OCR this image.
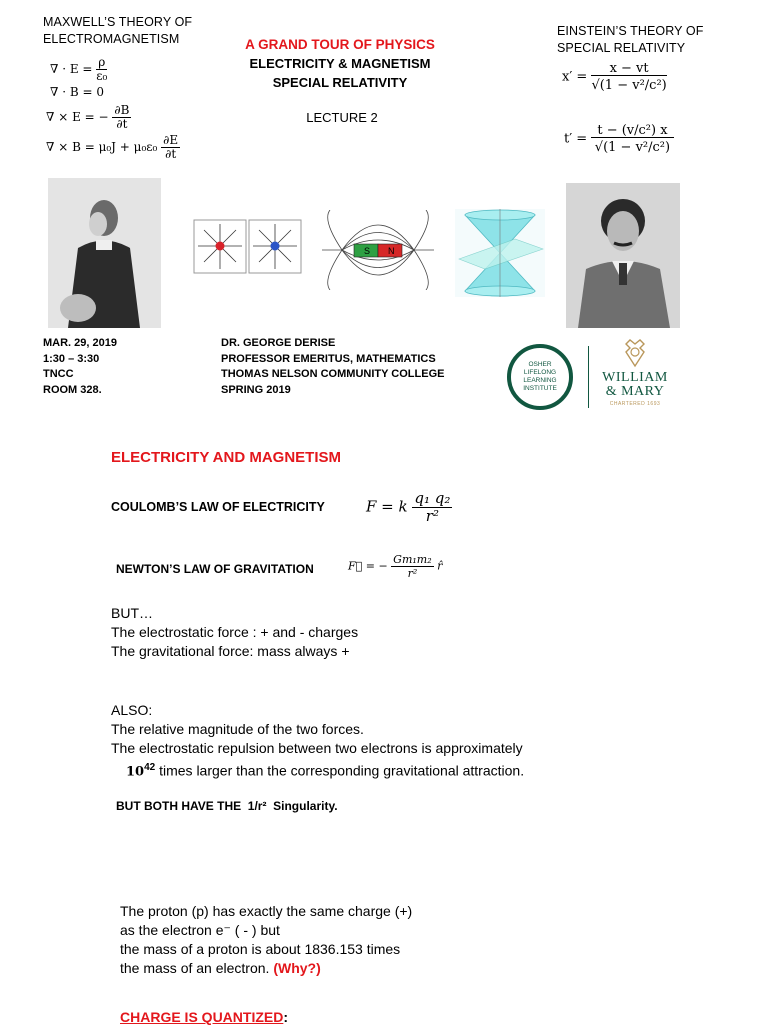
MAXWELL’S THEORY OF
ELECTROMAGNETISM
∇ · $E = \frac{\rho}{\text{ε₀}}$
∇ · B = 0
∇ × E = − $\frac{\partial B}{\partial t}$
∇ × $B = \mu_0J + \mu_0\varepsilon_0 \frac{\partial E}{\partial t}$
A GRAND TOUR OF PHYSICS
ELECTRICITY & MAGNETISM
SPECIAL RELATIVITY
LECTURE 2
EINSTEIN’S THEORY OF
SPECIAL RELATIVITY
$x' = \frac{x - vt}{\text{√(1 − v²/c²)}}$
$t' = \frac{\text{t − (v/c²) x}}{\text{√(1 − v²/c²)}}$
S N
MAR. 29, 2019
1:30 – 3:30
TNCC
ROOM 328.
DR. GEORGE DERISE
PROFESSOR EMERITUS, MATHEMATICS
THOMAS NELSON COMMUNITY COLLEGE
SPRING 2019
OSHER
LIFELONG
LEARNING
INSTITUTE
WILLIAM
& MARY
CHARTERED 1693
ELECTRICITY AND MAGNETISM
COULOMB’S LAW OF ELECTRICITY	F = k $\frac{\text{q₁ q₂}}{\text{r²}}$
NEWTON’S LAW OF GRAVITATION	F⃗ = − $\frac{\text{Gm₁m₂}}{\text{r²}}$ r̂
BUT…
The electrostatic force : + and - charges
The gravitational force: mass always +
ALSO:
The relative magnitude of the two forces.
The electrostatic repulsion between two electrons is approximately
$10^{42}$ times larger than the corresponding gravitational attraction.
BUT BOTH HAVE THE 1/r² Singularity.
The proton (p) has exactly the same charge (+)
as the electron e⁻ ( - ) but
the mass of a proton is about 1836.153 times
the mass of an electron. (Why?)
CHARGE IS QUANTIZED:
